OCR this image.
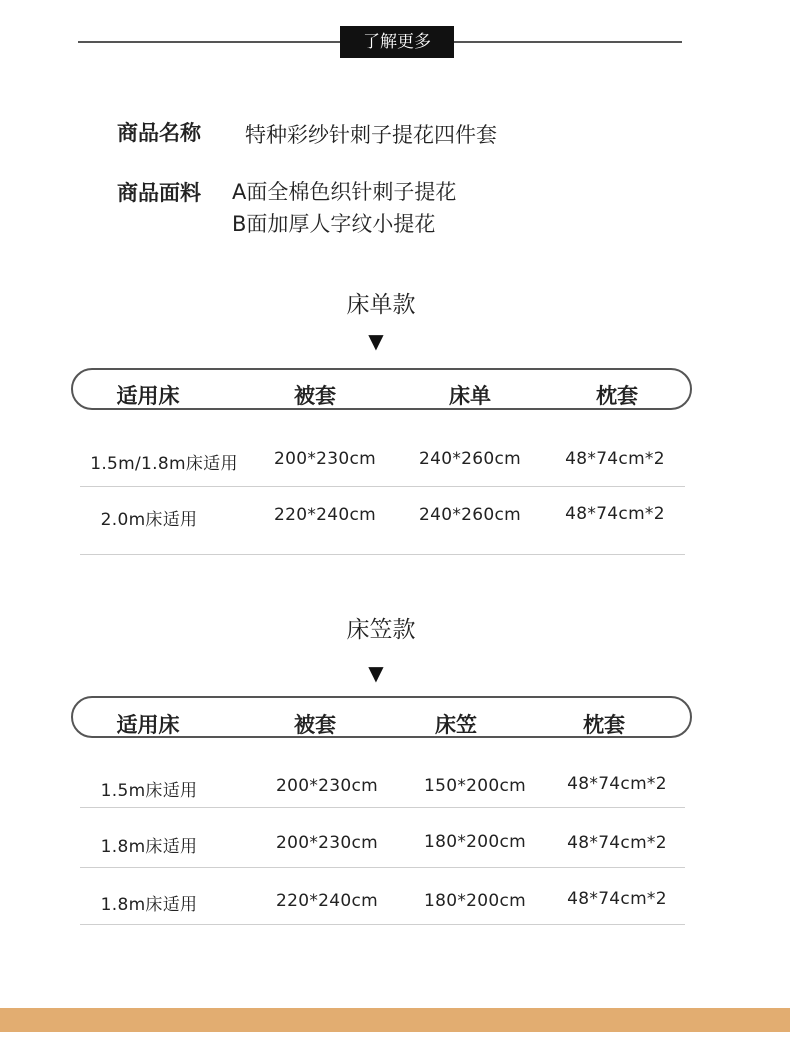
了解更多
商品名称 特种彩纱针刺子提花四件套
商品面料 A面全棉色织针刺子提花
B面加厚人字纹小提花
床单款
▼
适用床	被套	床单	枕套
1.5m/1.8m床适用	200*230cm	240*260cm	48*74cm*2
2.0m床适用	220*240cm	240*260cm	48*74cm*2
床笠款
▼
适用床	被套	床笠	枕套
1.5m床适用	200*230cm	150*200cm	48*74cm*2
1.8m床适用	200*230cm	180*200cm	48*74cm*2
1.8m床适用	220*240cm	180*200cm	48*74cm*2
